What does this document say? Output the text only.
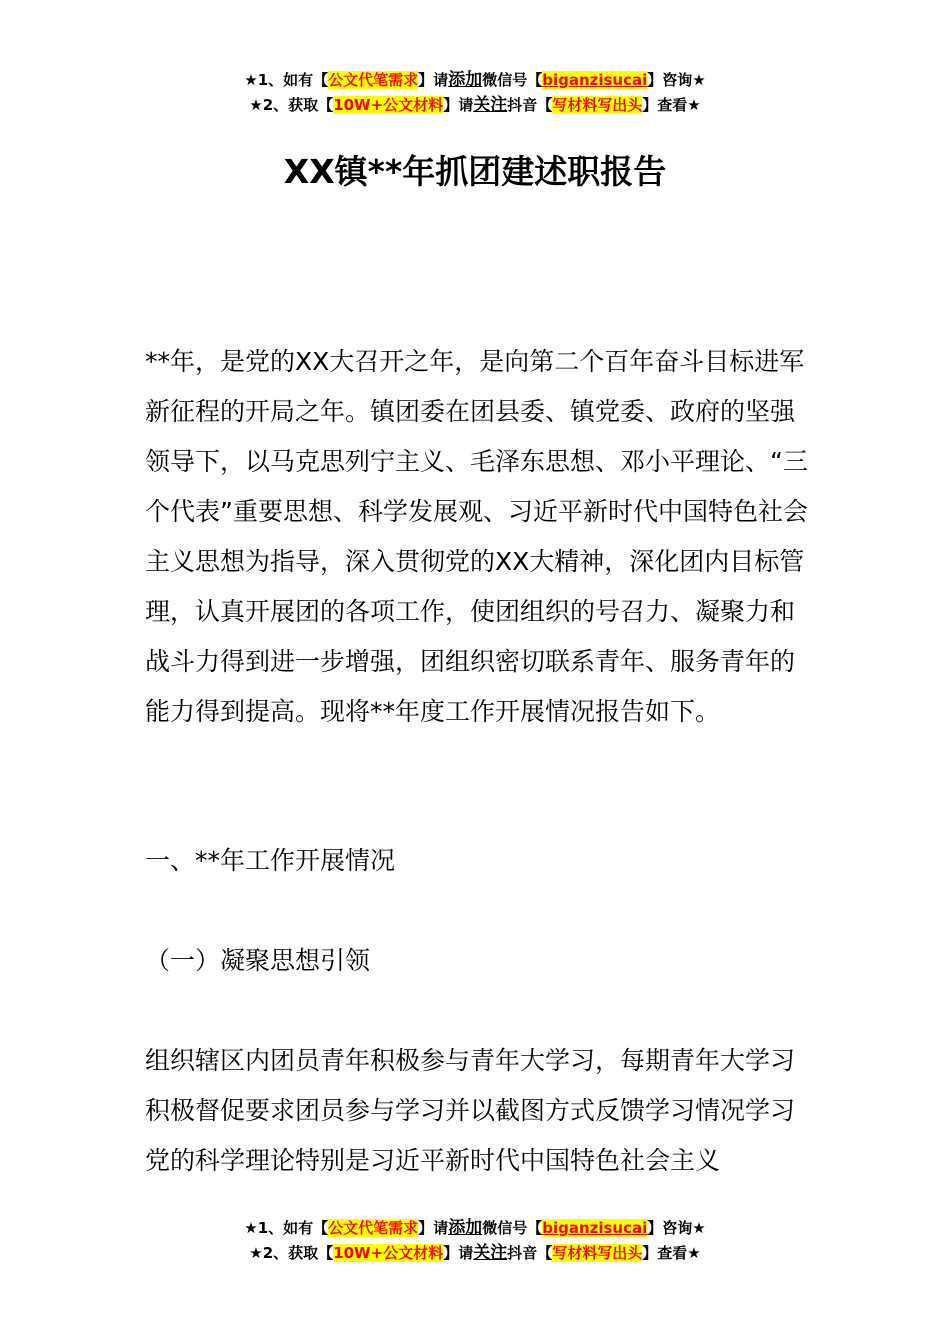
★1、如有【公文代笔需求】请添加微信号【biganzisucai】咨询★
★2、获取【10W+公文材料】请关注抖音【写材料写出头】查看★
XX镇**年抓团建述职报告

**年，是党的XX大召开之年，是向第二个百年奋斗目标进军新征程的开局之年。镇团委在团县委、镇党委、政府的坚强领导下，以马克思列宁主义、毛泽东思想、邓小平理论、“三个代表”重要思想、科学发展观、习近平新时代中国特色社会主义思想为指导，深入贯彻党的XX大精神，深化团内目标管理，认真开展团的各项工作，使团组织的号召力、凝聚力和战斗力得到进一步增强，团组织密切联系青年、服务青年的能力得到提高。现将**年度工作开展情况报告如下。

一、**年工作开展情况

（一）凝聚思想引领

组织辖区内团员青年积极参与青年大学习，每期青年大学习积极督促要求团员参与学习并以截图方式反馈学习情况学习党的科学理论特别是习近平新时代中国特色社会主义

★1、如有【公文代笔需求】请添加微信号【biganzisucai】咨询★
★2、获取【10W+公文材料】请关注抖音【写材料写出头】查看★
